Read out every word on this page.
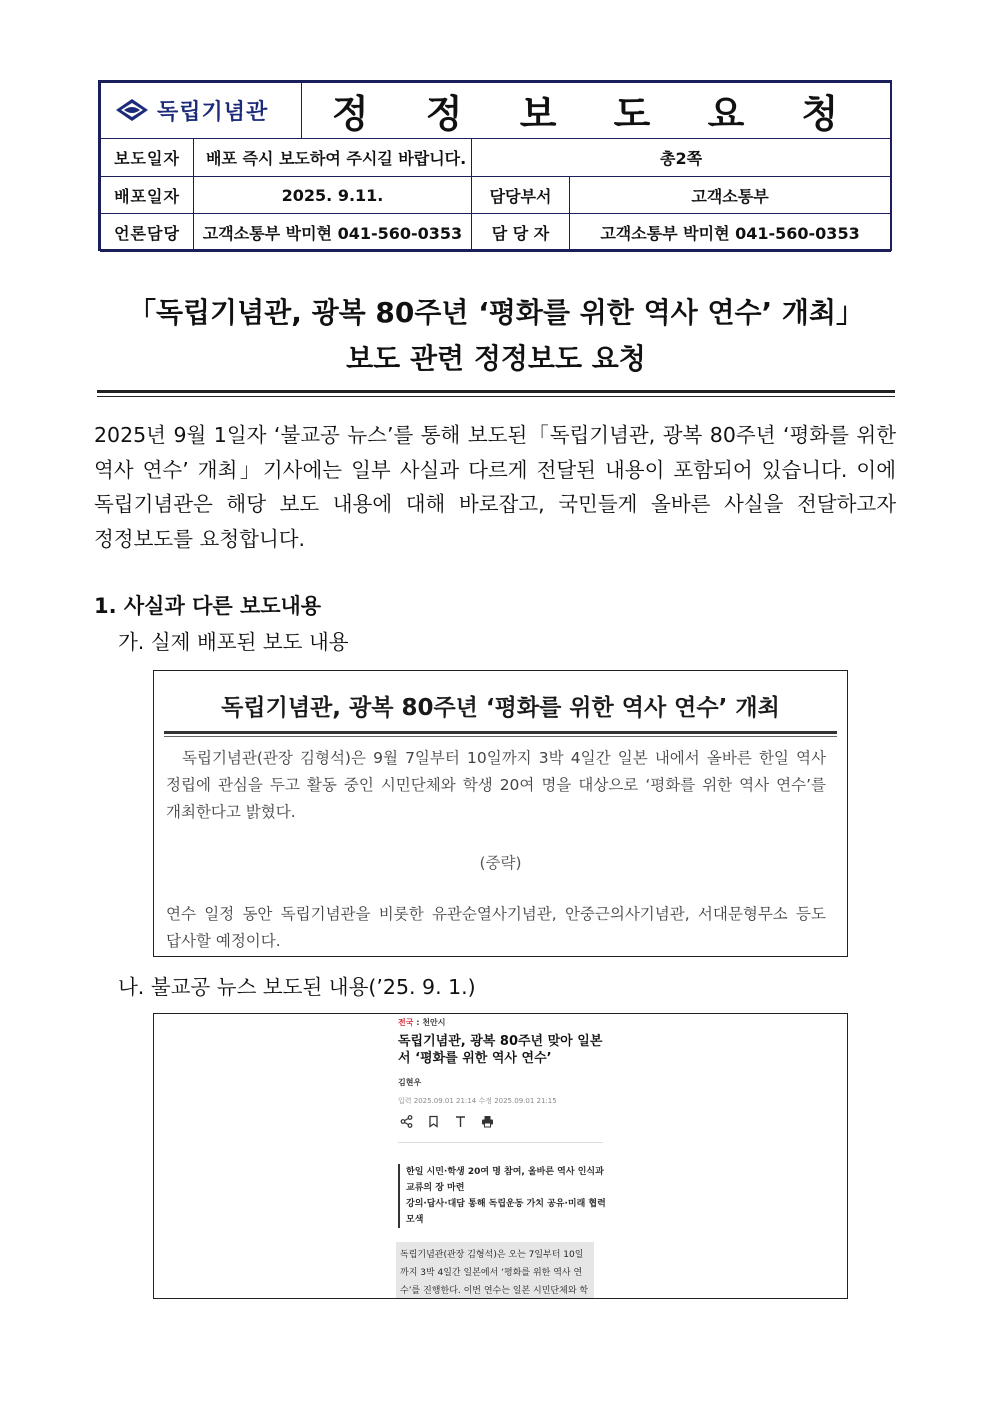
독립기념관		정 정 보 도 요 청		
보도일자	배포 즉시 보도하여 주시길 바랍니다.		총2쪽	
배포일자	2025. 9.11.		담당부서	고객소통부
언론담당	고객소통부 박미현 041-560-0353		담 당 자	고객소통부 박미현 041-560-0353
「독립기념관, 광복 80주년 ‘평화를 위한 역사 연수’ 개최」
보도 관련 정정보도 요청
2025년 9월 1일자 ‘불교공 뉴스’를 통해 보도된「독립기념관, 광복 80주년 ‘평화를 위한 역사 연수’ 개최」기사에는 일부 사실과 다르게 전달된 내용이 포함되어 있습니다. 이에 독립기념관은 해당 보도 내용에 대해 바로잡고, 국민들게 올바른 사실을 전달하고자 정정보도를 요청합니다.
1. 사실과 다른 보도내용
가. 실제 배포된 보도 내용
독립기념관, 광복 80주년 ‘평화를 위한 역사 연수’ 개최
독립기념관(관장 김형석)은 9월 7일부터 10일까지 3박 4일간 일본 내에서 올바른 한일 역사 정립에 관심을 두고 활동 중인 시민단체와 학생 20여 명을 대상으로 ‘평화를 위한 역사 연수’를 개최한다고 밝혔다.
(중략)
연수 일정 동안 독립기념관을 비롯한 유관순열사기념관, 안중근의사기념관, 서대문형무소 등도 답사할 예정이다.
나. 불교공 뉴스 보도된 내용(’25. 9. 1.)
전국 : 천안시
독립기념관, 광복 80주년 맞아 일본서 ‘평화를 위한 역사 연수’
김현우
입력 2025.09.01 21:14 수정 2025.09.01 21:15
한일 시민·학생 20여 명 참여, 올바른 역사 인식과 교류의 장 마련
강의·답사·대담 통해 독립운동 가치 공유·미래 협력 모색
독립기념관(관장 김형석)은 오는 7일부터 10일까지 3박 4일간 일본에서 ‘평화를 위한 역사 연수’를 진행한다. 이번 연수는 일본 시민단체와 학
